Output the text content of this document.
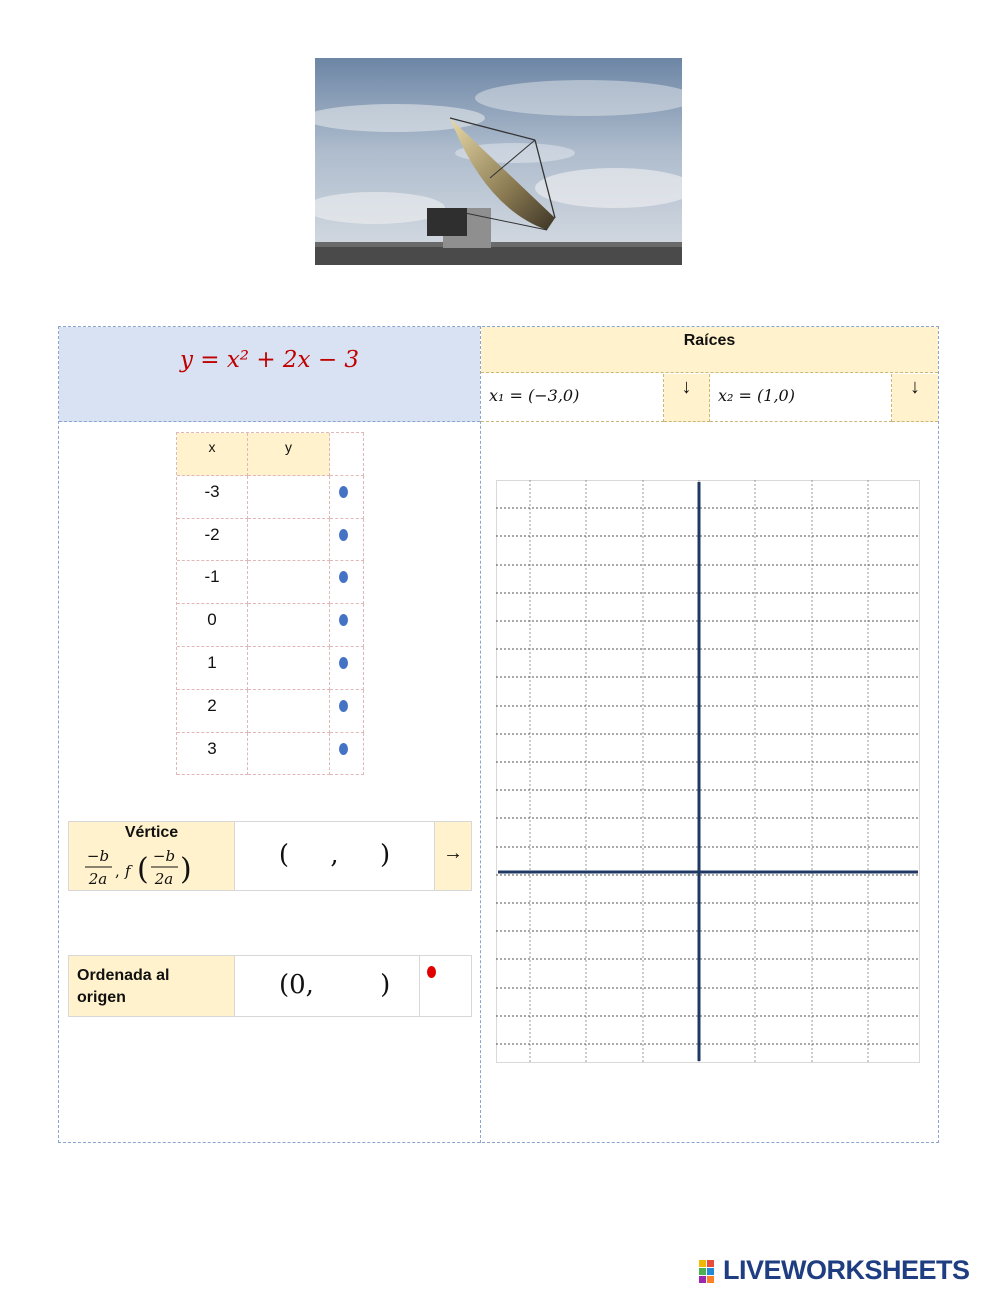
y = x² + 2x − 3
Raíces
x₁ = (−3,0)	↓	x₂ = (1,0)	↓
x	y
-3
-2
-1
0
1
2
3
Vértice
−b
2a , f ( −b
2a )	(     ,     )	→
Ordenada al
origen	(0,        )
LIVEWORKSHEETS
